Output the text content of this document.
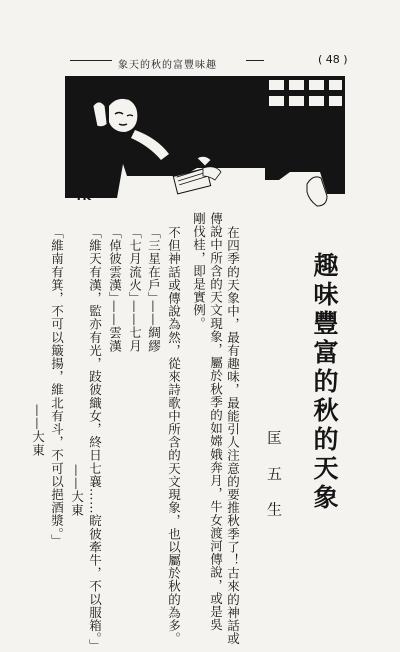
象天的秋的富豐味趣	( 48 )
TK
趣味豐富的秋的天象
匡 五 生
在四季的天象中，最有趣味，最能引人注意的要推秋季了！古來的神話或
傳說中所含的天文現象，屬於秋季的如嫦娥奔月，牛女渡河傳說，或是吳
剛伐桂，即是實例。
不但神話或傳說為然，從來詩歌中所含的天文現象，也以屬於秋的為多。
「三星在戶」
——綢繆
「七月流火」
——七月
「倬彼雲漢」
——雲漢
「維天有漢，監亦有光，跂彼織女，終日七襄……睆彼牽牛，不以服箱。」
——大東
「維南有箕，不可以簸揚，維北有斗，不可以挹酒漿。」
——大東
